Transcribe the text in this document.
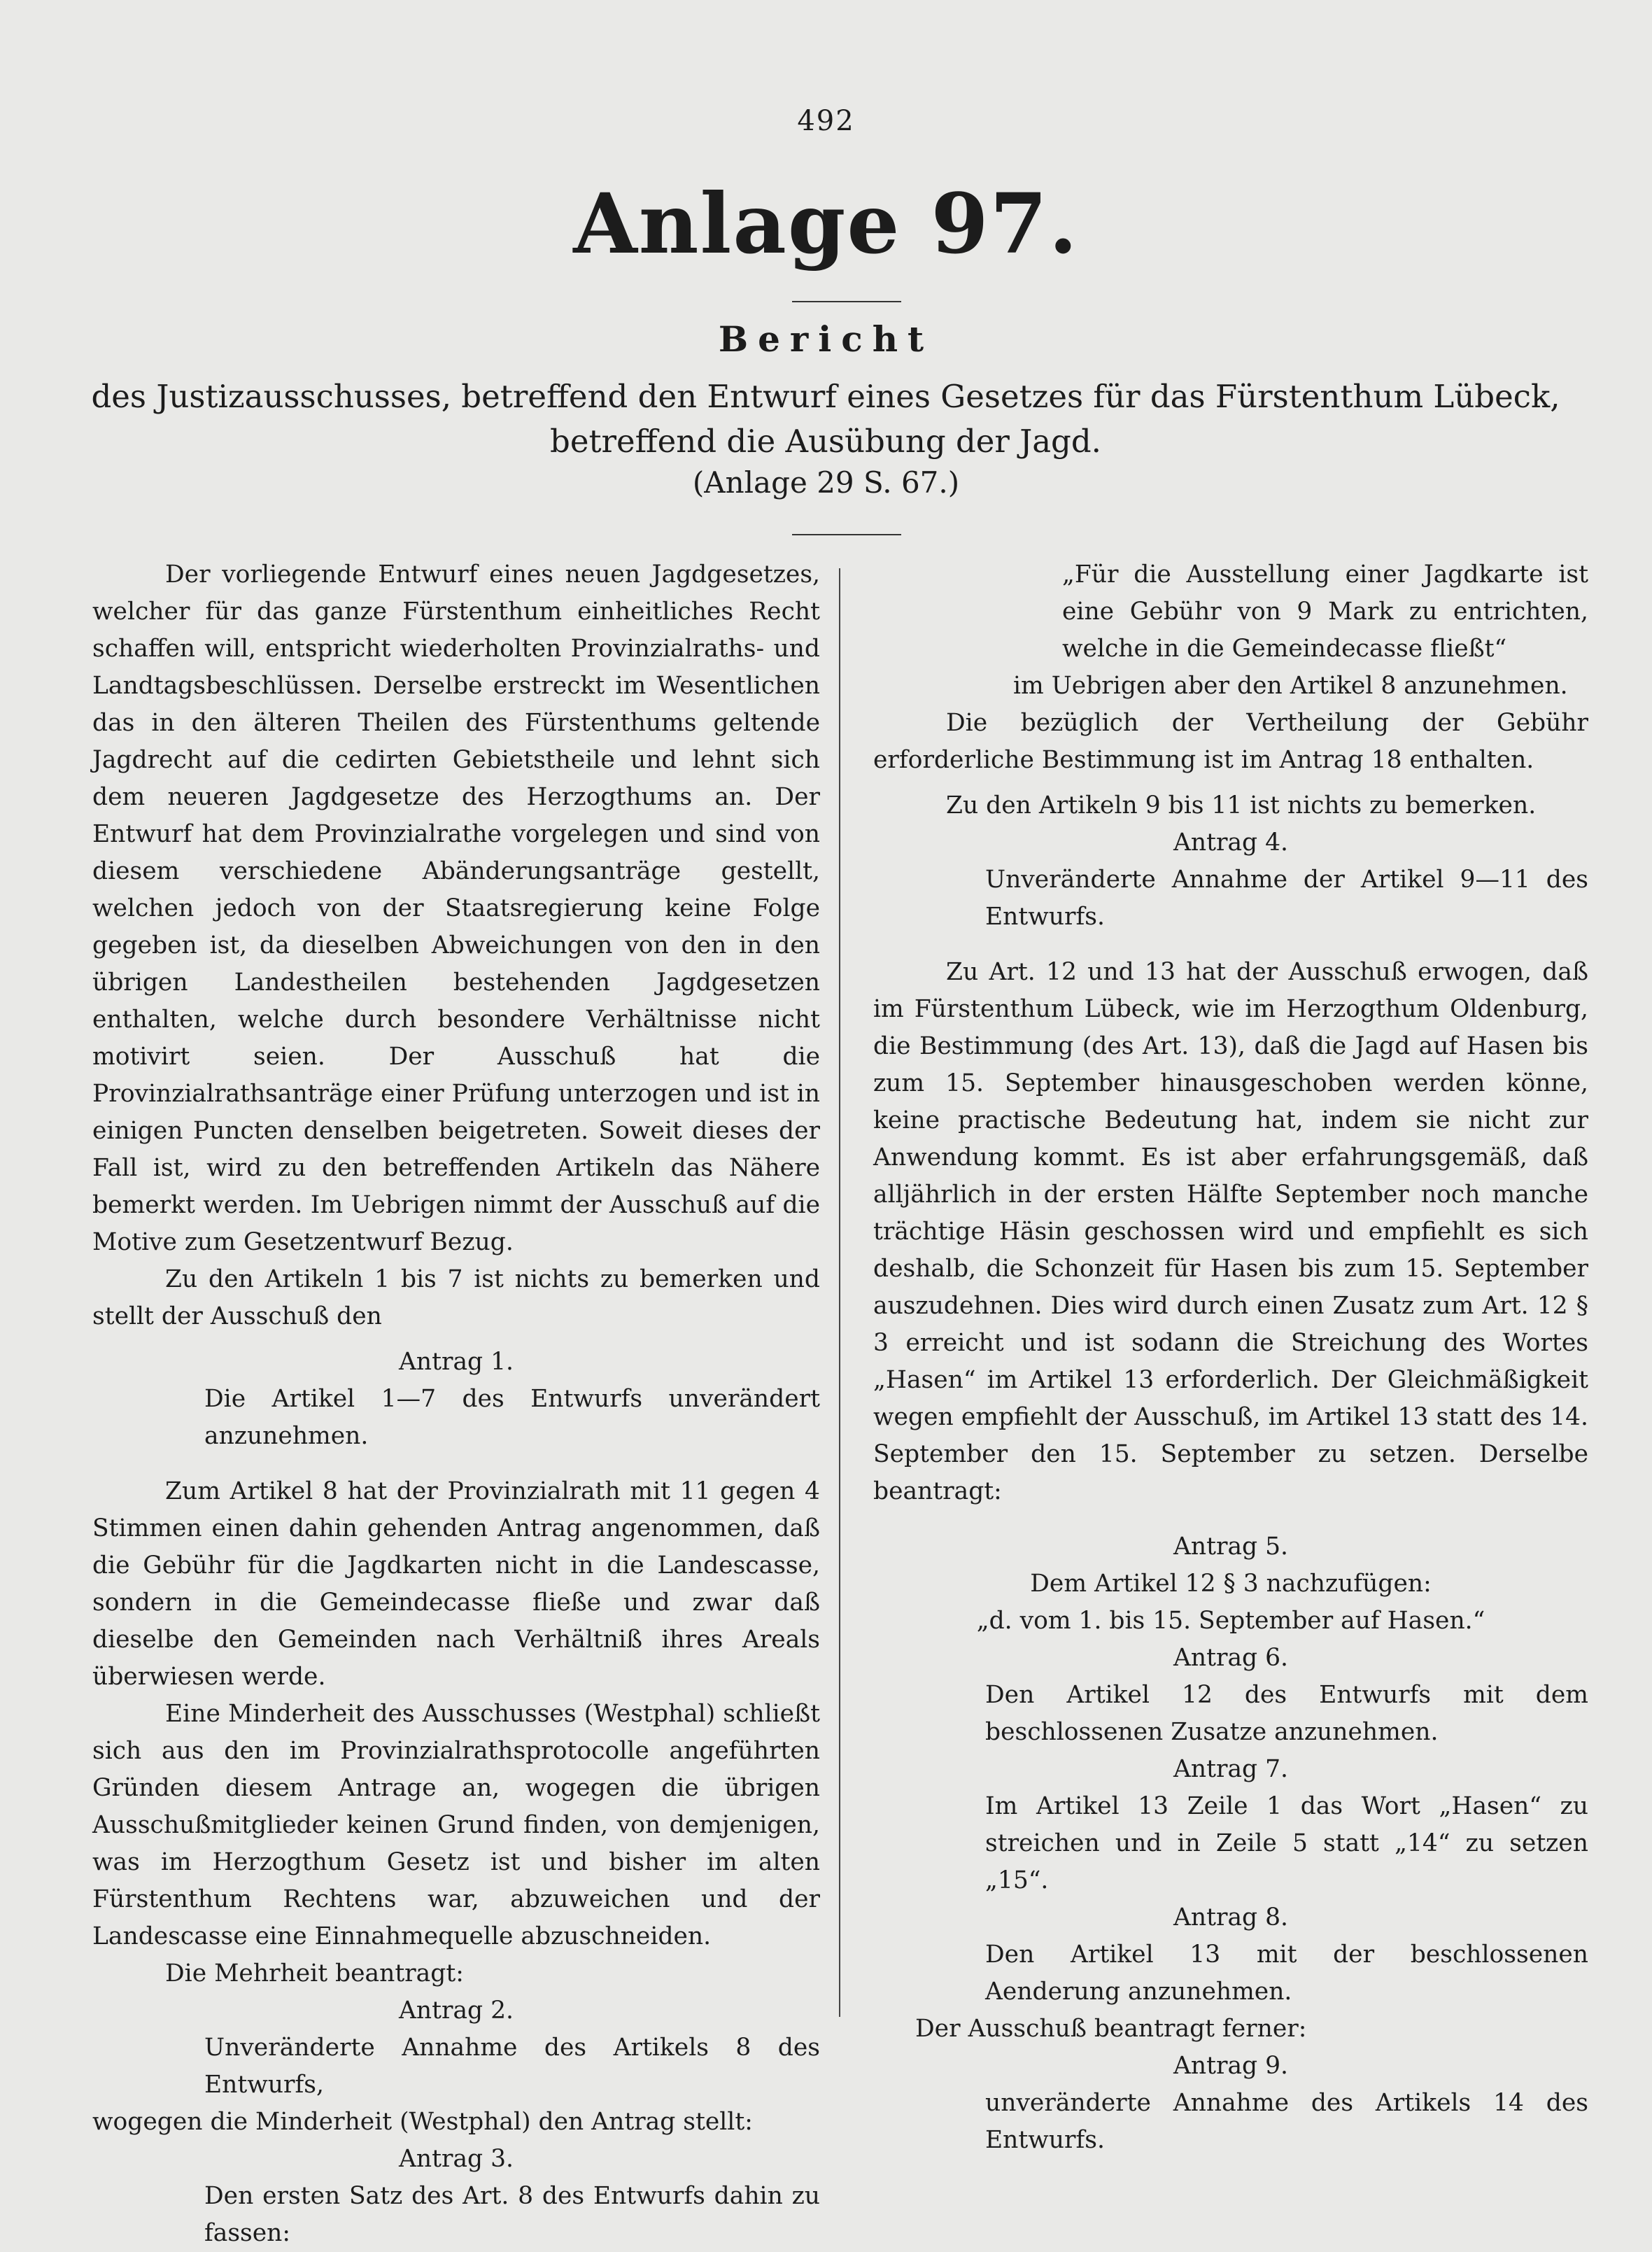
492
Anlage 97.
Bericht
des Justizausschusses, betreffend den Entwurf eines Gesetzes für das Fürstenthum Lübeck, betreffend die Ausübung der Jagd.
(Anlage 29 S. 67.)

Der vorliegende Entwurf eines neuen Jagdgesetzes, welcher für das ganze Fürstenthum einheitliches Recht schaffen will, entspricht wiederholten Provinzialraths- und Landtagsbeschlüssen. Derselbe erstreckt im Wesentlichen das in den älteren Theilen des Fürstenthums geltende Jagdrecht auf die cedirten Gebietstheile und lehnt sich dem neueren Jagdgesetze des Herzogthums an. Der Entwurf hat dem Provinzialrathe vorgelegen und sind von diesem verschiedene Abänderungsanträge gestellt, welchen jedoch von der Staatsregierung keine Folge gegeben ist, da dieselben Abweichungen von den in den übrigen Landestheilen bestehenden Jagdgesetzen enthalten, welche durch besondere Verhältnisse nicht motivirt seien. Der Ausschuß hat die Provinzialrathsanträge einer Prüfung unterzogen und ist in einigen Puncten denselben beigetreten. Soweit dieses der Fall ist, wird zu den betreffenden Artikeln das Nähere bemerkt werden. Im Uebrigen nimmt der Ausschuß auf die Motive zum Gesetzentwurf Bezug.

Zu den Artikeln 1 bis 7 ist nichts zu bemerken und stellt der Ausschuß den

Antrag 1.
Die Artikel 1—7 des Entwurfs unverändert anzunehmen.

Zum Artikel 8 hat der Provinzialrath mit 11 gegen 4 Stimmen einen dahin gehenden Antrag angenommen, daß die Gebühr für die Jagdkarten nicht in die Landescasse, sondern in die Gemeindecasse fließe und zwar daß dieselbe den Gemeinden nach Verhältniß ihres Areals überwiesen werde.

Eine Minderheit des Ausschusses (Westphal) schließt sich aus den im Provinzialrathsprotocolle angeführten Gründen diesem Antrage an, wogegen die übrigen Ausschußmitglieder keinen Grund finden, von demjenigen, was im Herzogthum Gesetz ist und bisher im alten Fürstenthum Rechtens war, abzuweichen und der Landescasse eine Einnahmequelle abzuschneiden.

Die Mehrheit beantragt:

Antrag 2.
Unveränderte Annahme des Artikels 8 des Entwurfs,

wogegen die Minderheit (Westphal) den Antrag stellt:

Antrag 3.
Den ersten Satz des Art. 8 des Entwurfs dahin zu fassen:
„Für die Ausstellung einer Jagdkarte ist eine Gebühr von 9 Mark zu entrichten, welche in die Gemeindecasse fließt“
im Uebrigen aber den Artikel 8 anzunehmen.

Die bezüglich der Vertheilung der Gebühr erforderliche Bestimmung ist im Antrag 18 enthalten.

Zu den Artikeln 9 bis 11 ist nichts zu bemerken.

Antrag 4.
Unveränderte Annahme der Artikel 9—11 des Entwurfs.

Zu Art. 12 und 13 hat der Ausschuß erwogen, daß im Fürstenthum Lübeck, wie im Herzogthum Oldenburg, die Bestimmung (des Art. 13), daß die Jagd auf Hasen bis zum 15. September hinausgeschoben werden könne, keine practische Bedeutung hat, indem sie nicht zur Anwendung kommt. Es ist aber erfahrungsgemäß, daß alljährlich in der ersten Hälfte September noch manche trächtige Häsin geschossen wird und empfiehlt es sich deshalb, die Schonzeit für Hasen bis zum 15. September auszudehnen. Dies wird durch einen Zusatz zum Art. 12 § 3 erreicht und ist sodann die Streichung des Wortes „Hasen“ im Artikel 13 erforderlich. Der Gleichmäßigkeit wegen empfiehlt der Ausschuß, im Artikel 13 statt des 14. September den 15. September zu setzen. Derselbe beantragt:

Antrag 5.
Dem Artikel 12 § 3 nachzufügen:
„d. vom 1. bis 15. September auf Hasen.“
Antrag 6.
Den Artikel 12 des Entwurfs mit dem beschlossenen Zusatze anzunehmen.
Antrag 7.
Im Artikel 13 Zeile 1 das Wort „Hasen“ zu streichen und in Zeile 5 statt „14“ zu setzen „15“.
Antrag 8.
Den Artikel 13 mit der beschlossenen Aenderung anzunehmen.

Der Ausschuß beantragt ferner:

Antrag 9.
unveränderte Annahme des Artikels 14 des Entwurfs.
